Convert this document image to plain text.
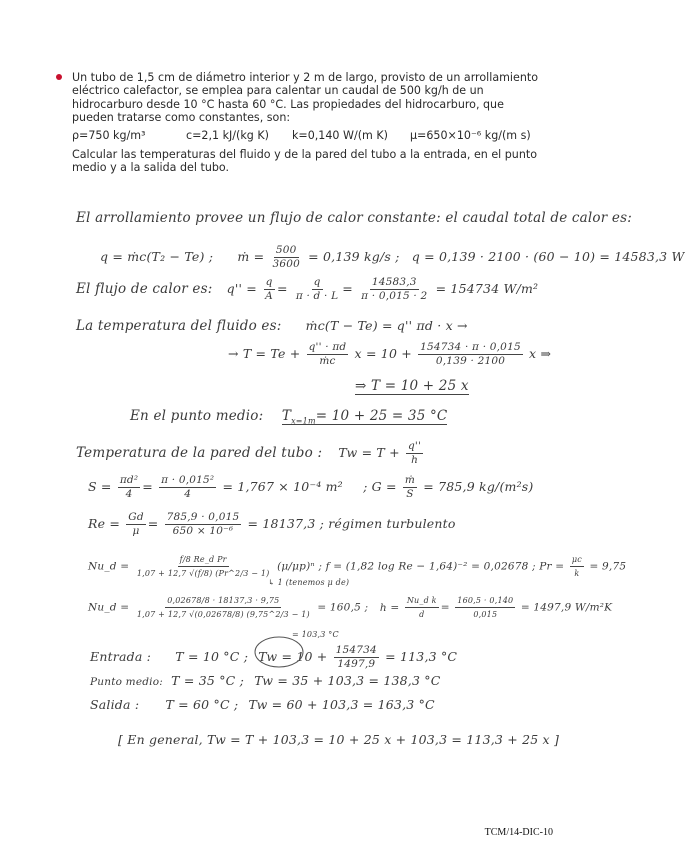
Un tubo de 1,5 cm de diámetro interior y 2 m de largo, provisto de un arrollamiento eléctrico calefactor, se emplea para calentar un caudal de 500 kg/h de un hidrocarburo desde 10 °C hasta 60 °C. Las propiedades del hidrocarburo, que pueden tratarse como constantes, son:
ρ=750 kg/m³	c=2,1 kJ/(kg K)	k=0,140 W/(m K)	μ=650×10⁻⁶ kg/(m s)
Calcular las temperaturas del fluido y de la pared del tubo a la entrada, en el punto medio y a la salida del tubo.
El arrollamiento provee un flujo de calor constante: el caudal total de calor es:
q = ṁc(T₂ − Te) ; ṁ = $\frac{500}{3600} = 0,139$ kg/s ; q = 0,139 · 2100 · (60 − 10) = 14583,3 W
El flujo de calor es: $q'' = \frac{q}{A} = \frac{q}{\pi \cdot d \cdot L} = \frac{14583,3}{\pi \cdot 0,015 \cdot 2} = 154734$ W/m²
La temperatura del fluido es: ṁc(T − Te) = q'' πd · x →
→ $T = Te + \frac{q'' \cdot \pi d}{\text{ṁc}}$ $x = 10 + \frac{154734 \cdot \pi \cdot 0,015}{0,139 \cdot 2100}$ x ⇒
⇒ T = 10 + 25 x
En el punto medio: $T_{x=1m}= 10 + 25 = 35$ °C
Temperatura de la pared del tubo : $Tw = T + \frac{q''}{h}$
$S = \frac{\text{πd²}}{4} = \frac{\text{π · 0,015²}}{4} = 1,767 \times 10^{-4}$ m² ; $G = \frac{\text{ṁ}}{S} = 785,9$ kg/(m²s)
$Re = \frac{Gd}{\mu} = \frac{785,9 \cdot 0,015}{\text{650 × 10⁻⁶}} = 18137,3$ ; régimen turbulento
Nu_d = $\frac{\text{f/8 Re\_d Pr}}{1,07 + 12,7 √(f/8) (Pr\^{}2/3 - 1)} (\mu/\mu p)^n$ ; f = (1,82 log Re − 1,64)⁻² = 0,02678 ; $Pr = \frac{\mu c}{k} = 9,75$
↳ 1 (tenemos μ de)
Nu_d = $\frac{0,02678/8 \cdot 18137,3 \cdot 9,75}{1,07 + 12,7 √(0,02678/8) (9,75\^{}2/3 - 1)} = 160,5$ ; $h = \frac{\text{Nu\_d k}}{d} = \frac{160,5 \cdot 0,140}{0,015} = 1497,9$ W/m²K
= 103,3 °C
Entrada : T = 10 °C ; $Tw = 10 + \frac{154734}{1497,9} = 113,3$ °C
Punto medio: T = 35 °C ; Tw = 35 + 103,3 = 138,3 °C
Salida : T = 60 °C ; Tw = 60 + 103,3 = 163,3 °C
[ En general, Tw = T + 103,3 = 10 + 25 x + 103,3 = 113,3 + 25 x ]
TCM/14-DIC-10
